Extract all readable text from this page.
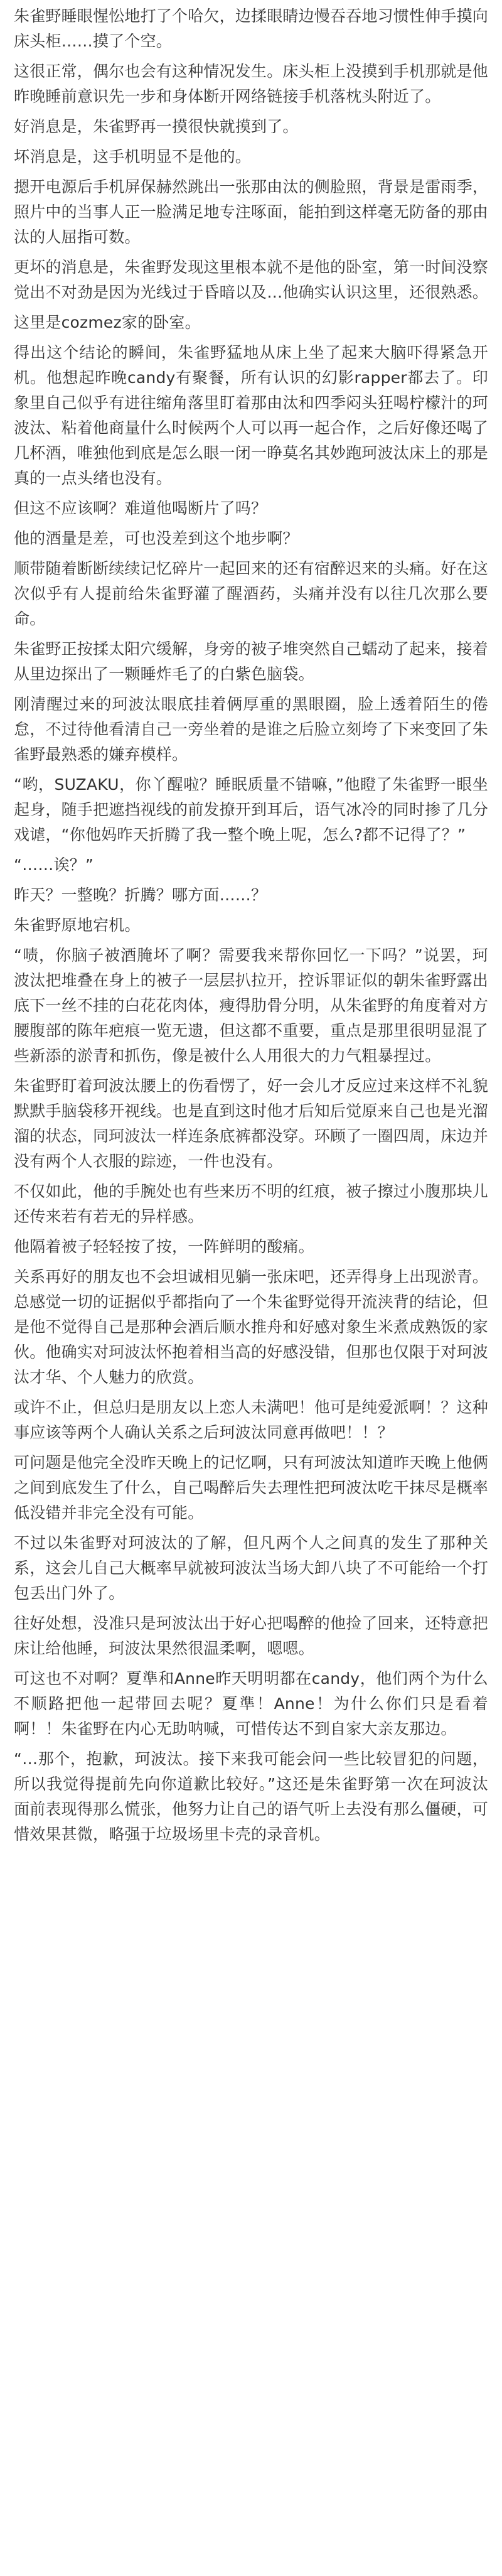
朱雀野睡眼惺忪地打了个哈欠，边揉眼睛边慢吞吞地习惯性伸手摸向床头柜……摸了个空。

这很正常，偶尔也会有这种情况发生。床头柜上没摸到手机那就是他昨晚睡前意识先一步和身体断开网络链接手机落枕头附近了。

好消息是，朱雀野再一摸很快就摸到了。

坏消息是，这手机明显不是他的。

摁开电源后手机屏保赫然跳出一张那由汰的侧脸照，背景是雷雨季，照片中的当事人正一脸满足地专注啄面，能拍到这样毫无防备的那由汰的人屈指可数。

更坏的消息是，朱雀野发现这里根本就不是他的卧室，第一时间没察觉出不对劲是因为光线过于昏暗以及…他确实认识这里，还很熟悉。

这里是cozmez家的卧室。

得出这个结论的瞬间，朱雀野猛地从床上坐了起来大脑吓得紧急开机。他想起昨晚candy有聚餐，所有认识的幻影rapper都去了。印象里自己似乎有进往缩角落里盯着那由汰和四季闷头狂喝柠檬汁的珂波汰、粘着他商量什么时候两个人可以再一起合作，之后好像还喝了几杯酒，唯独他到底是怎么眼一闭一睁莫名其妙跑珂波汰床上的那是真的一点头绪也没有。

但这不应该啊？难道他喝断片了吗？

他的酒量是差，可也没差到这个地步啊？

顺带随着断断续续记忆碎片一起回来的还有宿醉迟来的头痛。好在这次似乎有人提前给朱雀野灌了醒酒药，头痛并没有以往几次那么要命。

朱雀野正按揉太阳穴缓解，身旁的被子堆突然自己蠕动了起来，接着从里边探出了一颗睡炸毛了的白紫色脑袋。

刚清醒过来的珂波汰眼底挂着俩厚重的黑眼圈，脸上透着陌生的倦怠，不过待他看清自己一旁坐着的是谁之后脸立刻垮了下来变回了朱雀野最熟悉的嫌弃模样。

“哟，SUZAKU，你丫醒啦？睡眠质量不错嘛，”他瞪了朱雀野一眼坐起身，随手把遮挡视线的前发撩开到耳后，语气冰冷的同时掺了几分戏谑，“你他妈昨天折腾了我一整个晚上呢，怎么?都不记得了？”

“……诶？”

昨天？一整晚？折腾？哪方面……？

朱雀野原地宕机。

“啧，你脑子被酒腌坏了啊？需要我来帮你回忆一下吗？”说罢，珂波汰把堆叠在身上的被子一层层扒拉开，控诉罪证似的朝朱雀野露出底下一丝不挂的白花花肉体，瘦得肋骨分明，从朱雀野的角度着对方腰腹部的陈年疤痕一览无遗，但这都不重要，重点是那里很明显混了些新添的淤青和抓伤，像是被什么人用很大的力气粗暴捏过。

朱雀野盯着珂波汰腰上的伤看愣了，好一会儿才反应过来这样不礼貌默默手脑袋移开视线。也是直到这时他才后知后觉原来自己也是光溜溜的状态，同珂波汰一样连条底裤都没穿。环顾了一圈四周，床边并没有两个人衣服的踪迹，一件也没有。

不仅如此，他的手腕处也有些来历不明的红痕，被子擦过小腹那块儿还传来若有若无的异样感。

他隔着被子轻轻按了按，一阵鲜明的酸痛。

关系再好的朋友也不会坦诚相见躺一张床吧，还弄得身上出现淤青。总感觉一切的证据似乎都指向了一个朱雀野觉得开流浃背的结论，但是他不觉得自己是那种会酒后顺水推舟和好感对象生米煮成熟饭的家伙。他确实对珂波汰怀抱着相当高的好感没错，但那也仅限于对珂波汰才华、个人魅力的欣赏。

或许不止，但总归是朋友以上恋人未满吧！他可是纯爱派啊！？这种事应该等两个人确认关系之后珂波汰同意再做吧！！？

可问题是他完全没昨天晚上的记忆啊，只有珂波汰知道昨天晚上他俩之间到底发生了什么，自己喝醉后失去理性把珂波汰吃干抹尽是概率低没错并非完全没有可能。

不过以朱雀野对珂波汰的了解，但凡两个人之间真的发生了那种关系，这会儿自己大概率早就被珂波汰当场大卸八块了不可能给一个打包丢出门外了。

往好处想，没准只是珂波汰出于好心把喝醉的他捡了回来，还特意把床让给他睡，珂波汰果然很温柔啊，嗯嗯。

可这也不对啊？夏準和Anne昨天明明都在candy，他们两个为什么不顺路把他一起带回去呢？夏準！Anne！为什么你们只是看着啊！！朱雀野在内心无助呐喊，可惜传达不到自家大亲友那边。

“…那个，抱歉，珂波汰。接下来我可能会问一些比较冒犯的问题，所以我觉得提前先向你道歉比较好。”这还是朱雀野第一次在珂波汰面前表现得那么慌张，他努力让自己的语气听上去没有那么僵硬，可惜效果甚微，略强于垃圾场里卡壳的录音机。
